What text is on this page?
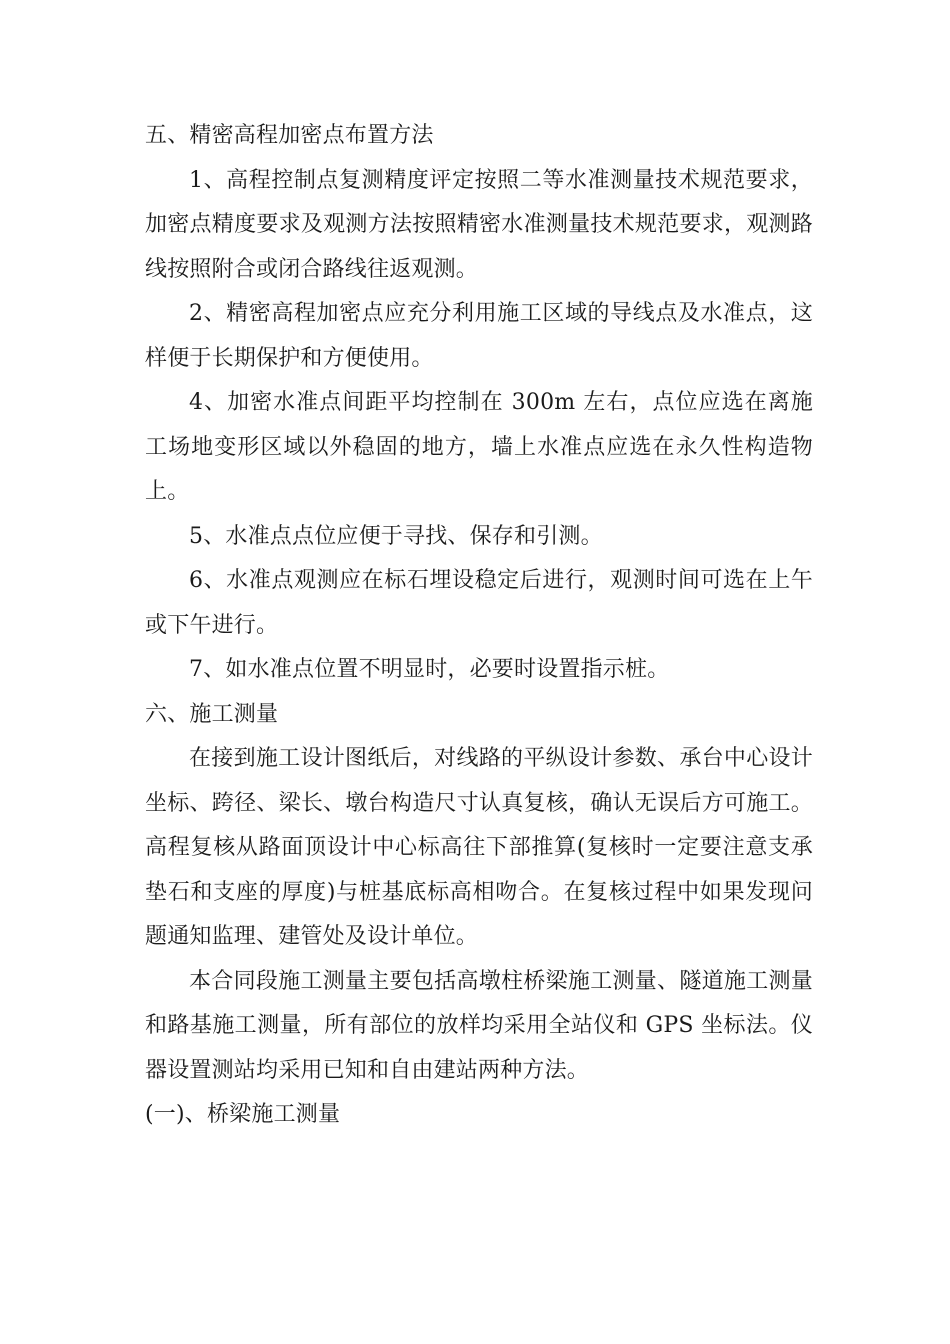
五、精密高程加密点布置方法

1、高程控制点复测精度评定按照二等水准测量技术规范要求，加密点精度要求及观测方法按照精密水准测量技术规范要求，观测路线按照附合或闭合路线往返观测。

2、精密高程加密点应充分利用施工区域的导线点及水准点，这样便于长期保护和方便使用。

4、加密水准点间距平均控制在 300m 左右，点位应选在离施工场地变形区域以外稳固的地方，墙上水准点应选在永久性构造物上。

5、水准点点位应便于寻找、保存和引测。

6、水准点观测应在标石埋设稳定后进行，观测时间可选在上午或下午进行。

7、如水准点位置不明显时，必要时设置指示桩。

六、施工测量

在接到施工设计图纸后，对线路的平纵设计参数、承台中心设计坐标、跨径、梁长、墩台构造尺寸认真复核，确认无误后方可施工。高程复核从路面顶设计中心标高往下部推算(复核时一定要注意支承垫石和支座的厚度)与桩基底标高相吻合。在复核过程中如果发现问题通知监理、建管处及设计单位。

本合同段施工测量主要包括高墩柱桥梁施工测量、隧道施工测量和路基施工测量，所有部位的放样均采用全站仪和 GPS 坐标法。仪器设置测站均采用已知和自由建站两种方法。

(一)、桥梁施工测量
